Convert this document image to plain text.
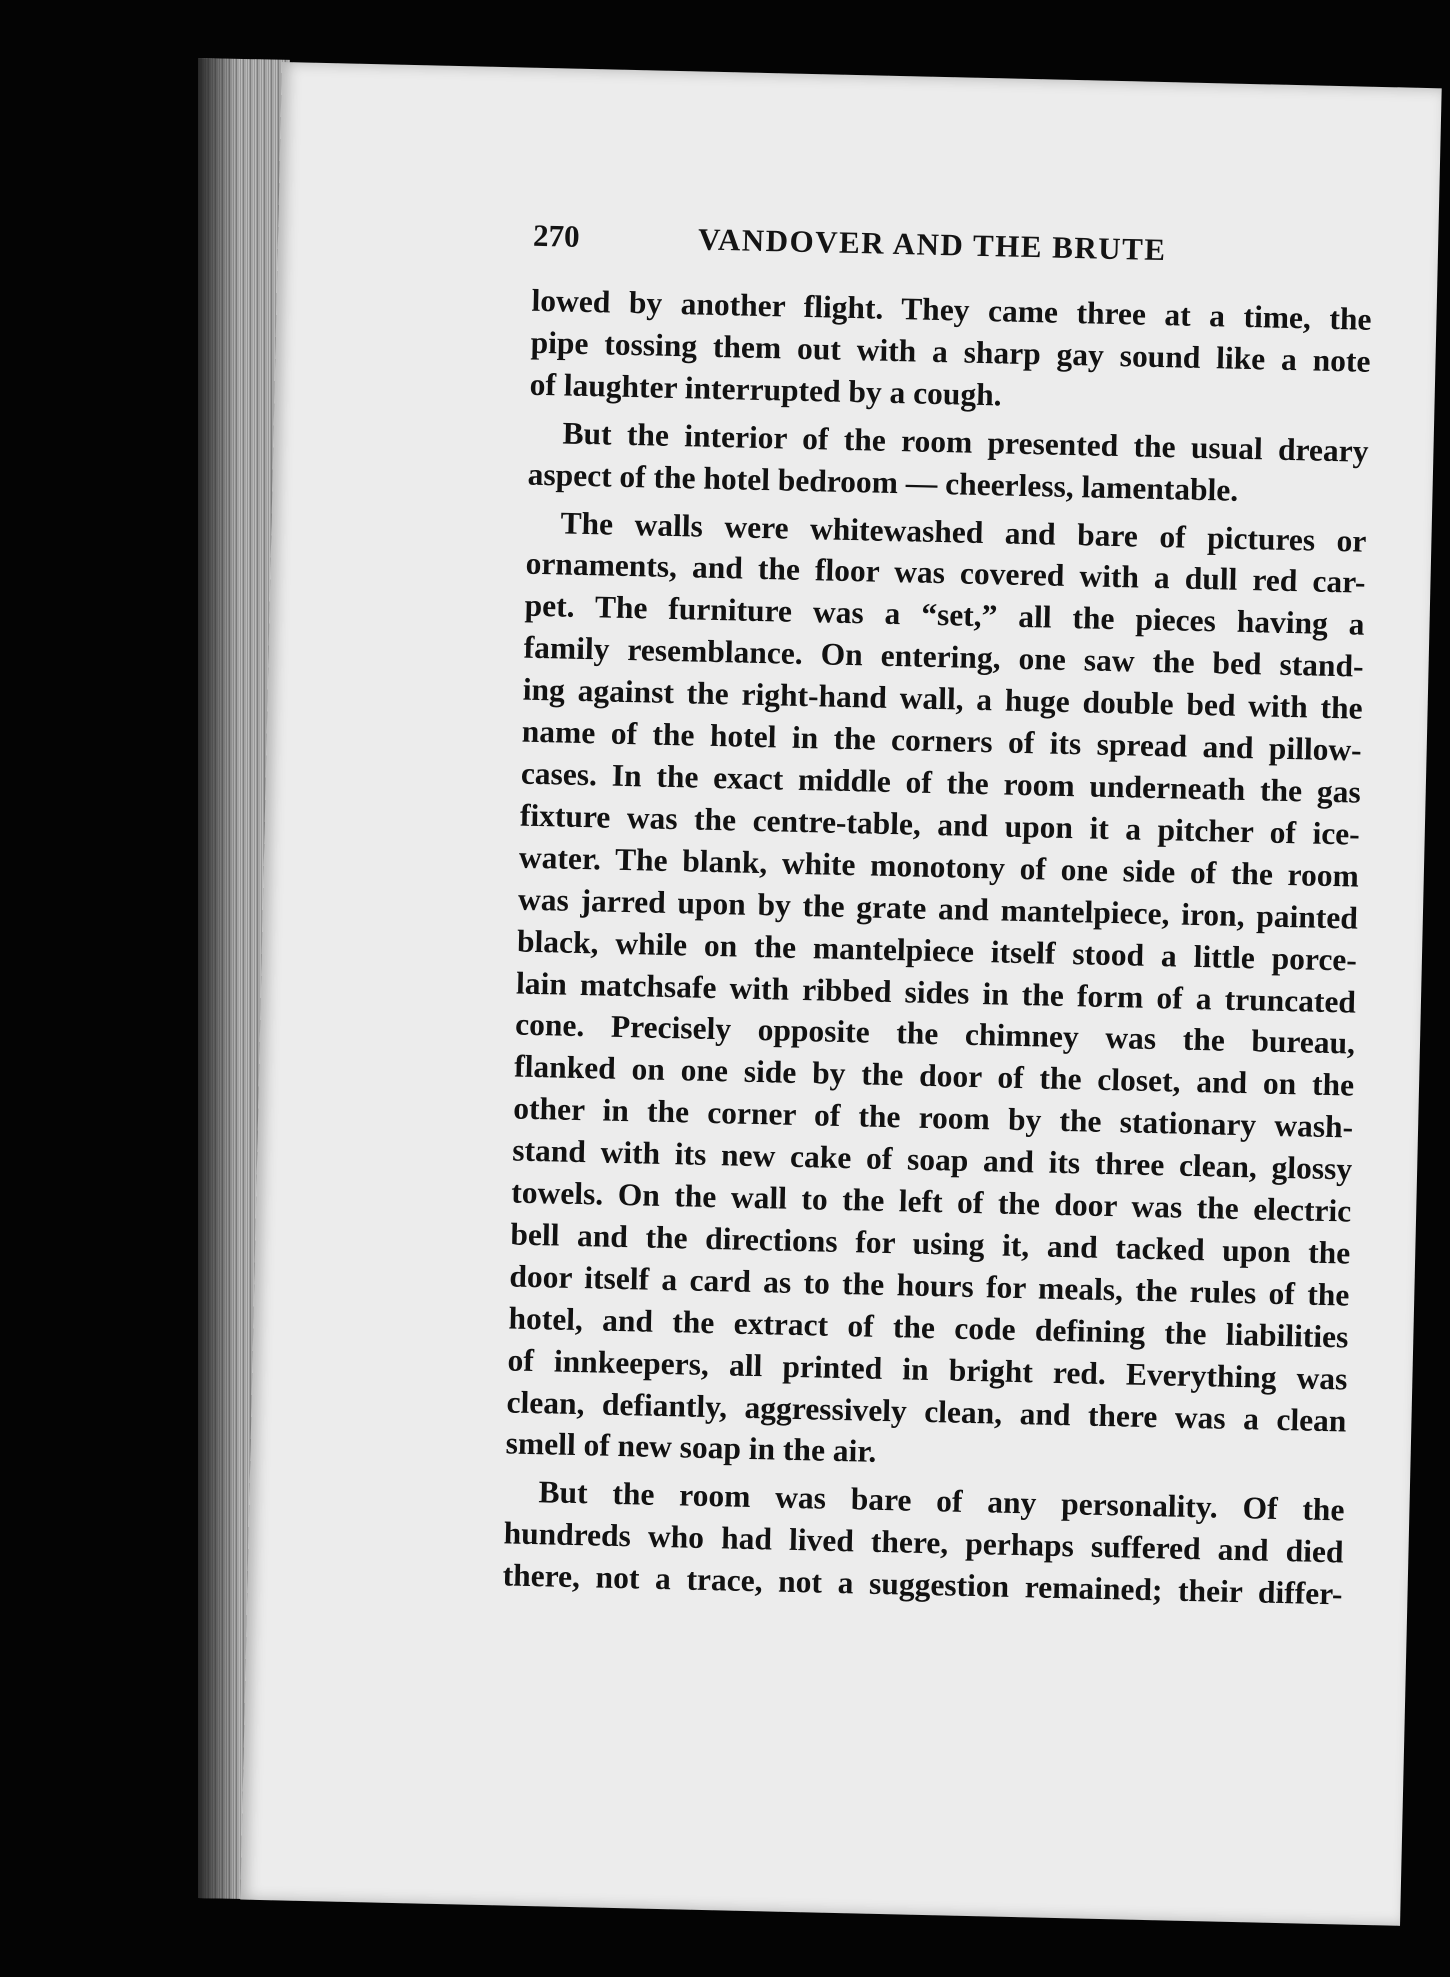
270	VANDOVER AND THE BRUTE
lowed by another flight. They came three at a time, the
pipe tossing them out with a sharp gay sound like a note
of laughter interrupted by a cough.
But the interior of the room presented the usual dreary
aspect of the hotel bedroom — cheerless, lamentable.
The walls were whitewashed and bare of pictures or
ornaments, and the floor was covered with a dull red car-
pet. The furniture was a “set,” all the pieces having a
family resemblance. On entering, one saw the bed stand-
ing against the right-hand wall, a huge double bed with the
name of the hotel in the corners of its spread and pillow-
cases. In the exact middle of the room underneath the gas
fixture was the centre-table, and upon it a pitcher of ice-
water. The blank, white monotony of one side of the room
was jarred upon by the grate and mantelpiece, iron, painted
black, while on the mantelpiece itself stood a little porce-
lain matchsafe with ribbed sides in the form of a truncated
cone. Precisely opposite the chimney was the bureau,
flanked on one side by the door of the closet, and on the
other in the corner of the room by the stationary wash-
stand with its new cake of soap and its three clean, glossy
towels. On the wall to the left of the door was the electric
bell and the directions for using it, and tacked upon the
door itself a card as to the hours for meals, the rules of the
hotel, and the extract of the code defining the liabilities
of innkeepers, all printed in bright red. Everything was
clean, defiantly, aggressively clean, and there was a clean
smell of new soap in the air.
But the room was bare of any personality. Of the
hundreds who had lived there, perhaps suffered and died
there, not a trace, not a suggestion remained; their differ-
